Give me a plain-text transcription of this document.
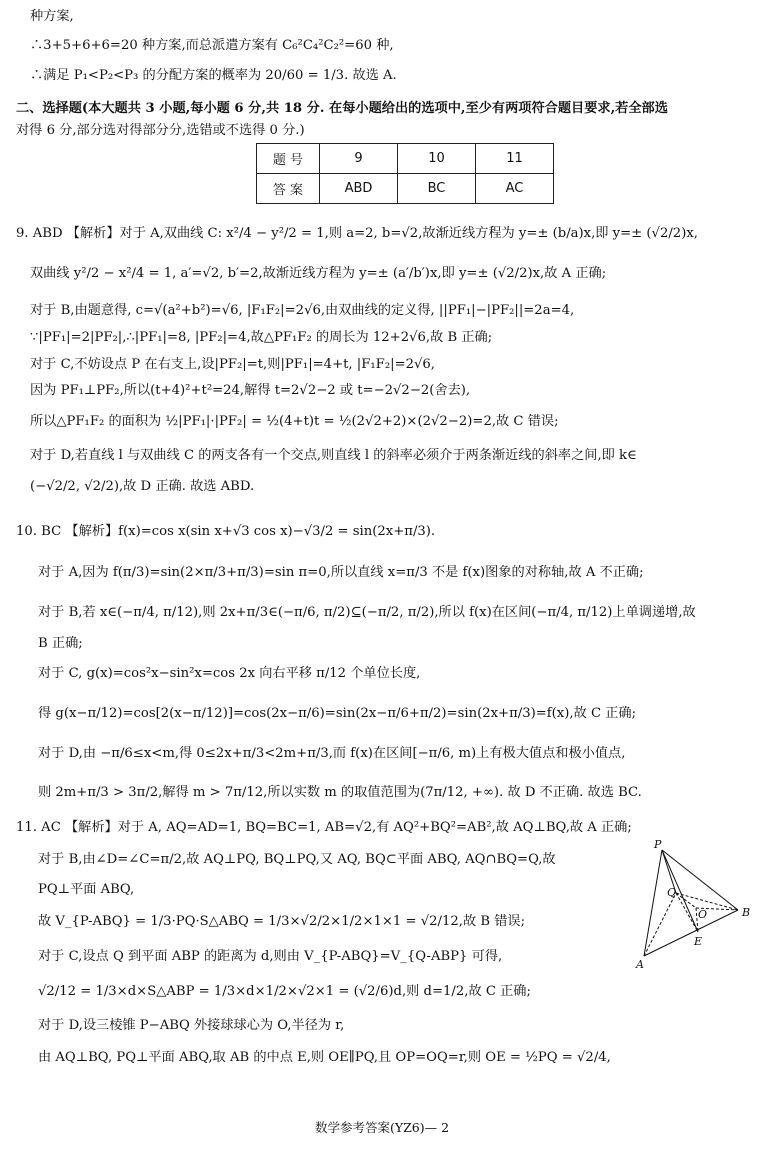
种方案,
∴3+5+6+6=20 种方案,而总派遣方案有 C₆²C₄²C₂²=60 种,
∴满足 P₁<P₂<P₃ 的分配方案的概率为 20/60 = 1/3. 故选 A.
二、选择题(本大题共 3 小题,每小题 6 分,共 18 分. 在每小题给出的选项中,至少有两项符合题目要求,若全部选
对得 6 分,部分选对得部分分,选错或不选得 0 分.)
题 号	9	10	11
答 案	ABD	BC	AC
9. ABD 【解析】对于 A,双曲线 C: x²/4 − y²/2 = 1,则 a=2, b=√2,故渐近线方程为 y=± (b/a)x,即 y=± (√2/2)x,
双曲线 y²/2 − x²/4 = 1, a′=√2, b′=2,故渐近线方程为 y=± (a′/b′)x,即 y=± (√2/2)x,故 A 正确;
对于 B,由题意得, c=√(a²+b²)=√6, |F₁F₂|=2√6,由双曲线的定义得, ||PF₁|−|PF₂||=2a=4,
∵|PF₁|=2|PF₂|,∴|PF₁|=8, |PF₂|=4,故△PF₁F₂ 的周长为 12+2√6,故 B 正确;
对于 C,不妨设点 P 在右支上,设|PF₂|=t,则|PF₁|=4+t, |F₁F₂|=2√6,
因为 PF₁⊥PF₂,所以(t+4)²+t²=24,解得 t=2√2−2 或 t=−2√2−2(舍去),
所以△PF₁F₂ 的面积为 ½|PF₁|·|PF₂| = ½(4+t)t = ½(2√2+2)×(2√2−2)=2,故 C 错误;
对于 D,若直线 l 与双曲线 C 的两支各有一个交点,则直线 l 的斜率必须介于两条渐近线的斜率之间,即 k∈
(−√2/2, √2/2),故 D 正确. 故选 ABD.
10. BC 【解析】f(x)=cos x(sin x+√3 cos x)−√3/2 = sin(2x+π/3).
对于 A,因为 f(π/3)=sin(2×π/3+π/3)=sin π=0,所以直线 x=π/3 不是 f(x)图象的对称轴,故 A 不正确;
对于 B,若 x∈(−π/4, π/12),则 2x+π/3∈(−π/6, π/2)⊆(−π/2, π/2),所以 f(x)在区间(−π/4, π/12)上单调递增,故
B 正确;
对于 C, g(x)=cos²x−sin²x=cos 2x 向右平移 π/12 个单位长度,
得 g(x−π/12)=cos[2(x−π/12)]=cos(2x−π/6)=sin(2x−π/6+π/2)=sin(2x+π/3)=f(x),故 C 正确;
对于 D,由 −π/6≤x<m,得 0≤2x+π/3<2m+π/3,而 f(x)在区间[−π/6, m)上有极大值点和极小值点,
则 2m+π/3 > 3π/2,解得 m > 7π/12,所以实数 m 的取值范围为(7π/12, +∞). 故 D 不正确. 故选 BC.
11. AC 【解析】对于 A, AQ=AD=1, BQ=BC=1, AB=√2,有 AQ²+BQ²=AB²,故 AQ⊥BQ,故 A 正确;
对于 B,由∠D=∠C=π/2,故 AQ⊥PQ, BQ⊥PQ,又 AQ, BQ⊂平面 ABQ, AQ∩BQ=Q,故
PQ⊥平面 ABQ,
故 V_{P-ABQ} = 1/3·PQ·S△ABQ = 1/3×√2/2×1/2×1×1 = √2/12,故 B 错误;
对于 C,设点 Q 到平面 ABP 的距离为 d,则由 V_{P-ABQ}=V_{Q-ABP} 可得,
√2/12 = 1/3×d×S△ABP = 1/3×d×1/2×√2×1 = (√2/6)d,则 d=1/2,故 C 正确;
对于 D,设三棱锥 P−ABQ 外接球球心为 O,半径为 r,
由 AQ⊥BQ, PQ⊥平面 ABQ,取 AB 的中点 E,则 OE∥PQ,且 OP=OQ=r,则 OE = ½PQ = √2/4,
P
Q
O	B
E
A
数学参考答案(YZ6)— 2
